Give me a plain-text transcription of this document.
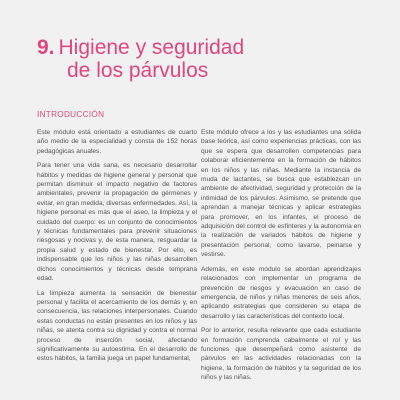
9. Higiene y seguridad
de los párvulos
INTRODUCCIÓN

Este módulo está orientado a estudiantes de cuarto año medio de la especialidad y consta de 152 horas pedagógicas anuales.

Para tener una vida sana, es necesario desarrollar hábitos y medidas de higiene general y personal que permitan disminuir el impacto negativo de factores ambientales, prevenir la propagación de gérmenes y evitar, en gran medida, diversas enfermedades. Así, la higiene personal es más que el aseo, la limpieza y el cuidado del cuerpo: es un conjunto de conocimientos y técnicas fundamentales para prevenir situaciones riesgosas y nocivas y, de esta manera, resguardar la propia salud y estado de bienestar. Por ello, es indispensable que los niños y las niñas desarrollen dichos conocimientos y técnicas desde temprana edad.

La limpieza aumenta la sensación de bienestar personal y facilita el acercamiento de los demás y, en consecuencia, las relaciones interpersonales. Cuando estas conductas no están presentes en los niños y las niñas, se atenta contra su dignidad y contra el normal proceso de inserción social, afectando significativamente su autoestima. En el desarrollo de estos hábitos, la familia juega un papel fundamental,

Este módulo ofrece a los y las estudiantes una sólida base teórica, así como experiencias prácticas, con las que se espera que desarrollen competencias para colaborar eficientemente en la formación de hábitos en los niños y las niñas. Mediante la instancia de muda de lactantes, se busca que establezcan un ambiente de afectividad, seguridad y protección de la intimidad de los párvulos. Asimismo, se pretende que aprendan a manejar técnicas y aplicar estrategias para promover, en los infantes, el proceso de adquisición del control de esfínteres y la autonomía en la realización de variados hábitos de higiene y presentación personal, como lavarse, peinarse y vestirse.

Además, en este módulo se abordan aprendizajes relacionados con implementar un programa de prevención de riesgos y evacuación en caso de emergencia, de niños y niñas menores de seis años, aplicando estrategias que consideren su etapa de desarrollo y las características del contexto local.

Por lo anterior, resulta relevante que cada estudiante en formación comprenda cabalmente el rol y las funciones que desempeñará como asistente de párvulos en las actividades relacionadas con la higiene, la formación de hábitos y la seguridad de los niños y las niñas.
